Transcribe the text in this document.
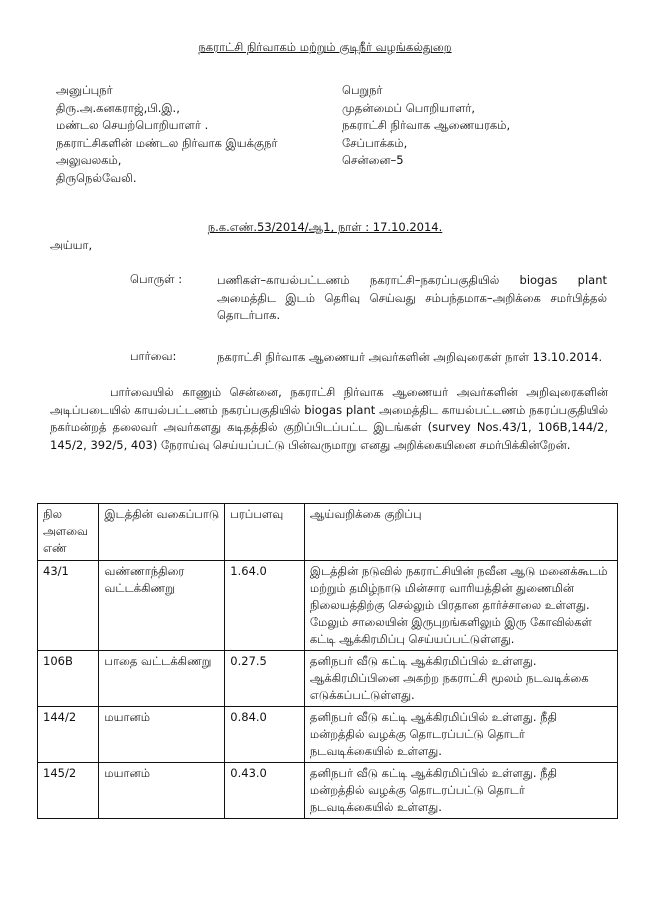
நகராட்சி நிர்வாகம் மற்றும் குடிநீர் வழங்கல்துறை
அனுப்புநர்
திரு.அ.கனகராஜ்,பி.இ.,
மண்டல செயற்பொறியாளர் .
நகராட்சிகளின் மண்டல நிர்வாக இயக்குநர்
அலுவலகம்,
திருநெல்வேலி.
பெறுநர்
முதன்மைப் பொறியாளர்,
நகராட்சி நிர்வாக ஆணையரகம்,
சேப்பாக்கம்,
சென்னை–5
ந.க.எண்.53/2014/ஆ1, நாள் : 17.10.2014.
அய்யா,
பொருள் :	பணிகள்–காயல்பட்டணம் நகராட்சி–நகரப்பகுதியில் biogas plant அமைத்திட இடம் தெரிவு செய்வது சம்பந்தமாக–அறிக்கை சமர்பித்தல் தொடர்பாக.
பார்வை:	நகராட்சி நிர்வாக ஆணையர் அவர்களின் அறிவுரைகள் நாள் 13.10.2014.
பார்வையில் காணும் சென்னை, நகராட்சி நிர்வாக ஆணையர் அவர்களின் அறிவுரைகளின் அடிப்படையில் காயல்பட்டணம் நகரப்பகுதியில் biogas plant அமைத்திட காயல்பட்டணம் நகரப்பகுதியில் நகர்மன்றத் தலைவர் அவர்களது கடிதத்தில் குறிப்பிடப்பட்ட இடங்கள் (survey Nos.43/1, 106B,144/2, 145/2, 392/5, 403) நேராய்வு செய்யப்பட்டு பின்வருமாறு எனது அறிக்கையினை சமர்பிக்கின்றேன்.
நில அளவை எண்	இடத்தின் வகைப்பாடு	பரப்பளவு	ஆய்வறிக்கை குறிப்பு
43/1	வண்ணாந்திரை வட்டக்கிணறு	1.64.0	இடத்தின் நடுவில் நகராட்சியின் நவீன ஆடு மனைக்கூடம் மற்றும் தமிழ்நாடு மின்சார வாரியத்தின் துணைமின் நிலையத்திற்கு செல்லும் பிரதான தார்ச்சாலை உள்ளது. மேலும் சாலையின் இருபுறங்களிலும் இரு கோவில்கள் கட்டி ஆக்கிரமிப்பு செய்யப்பட்டுள்ளது.
106B	பாதை வட்டக்கிணறு	0.27.5	தனிநபர் வீடு கட்டி ஆக்கிரமிப்பில் உள்ளது. ஆக்கிரமிப்பினை அகற்ற நகராட்சி மூலம் நடவடிக்கை எடுக்கப்பட்டுள்ளது.
144/2	மயானம்	0.84.0	தனிநபர் வீடு கட்டி ஆக்கிரமிப்பில் உள்ளது. நீதி மன்றத்தில் வழக்கு தொடரப்பட்டு தொடர் நடவடிக்கையில் உள்ளது.
145/2	மயானம்	0.43.0	தனிநபர் வீடு கட்டி ஆக்கிரமிப்பில் உள்ளது. நீதி மன்றத்தில் வழக்கு தொடரப்பட்டு தொடர் நடவடிக்கையில் உள்ளது.
